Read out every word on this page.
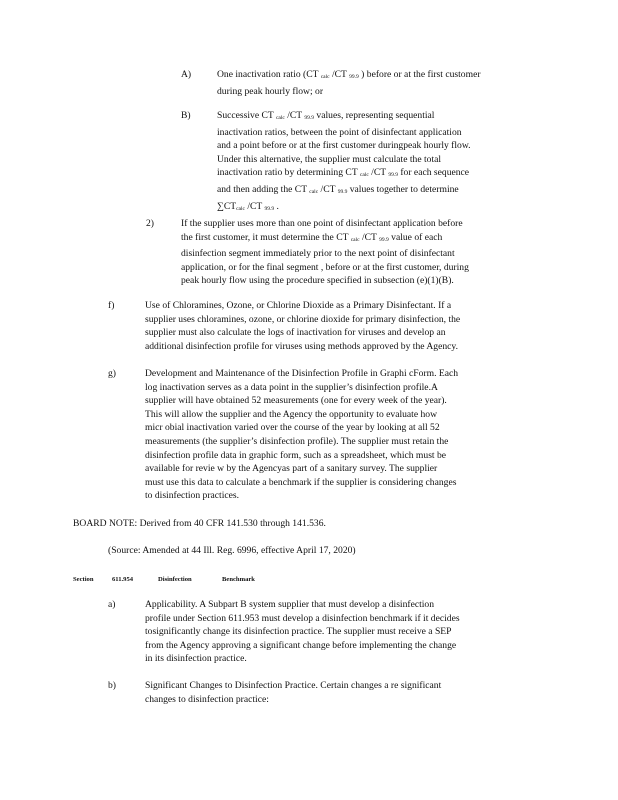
A)	One inactivation ratio (CT $_{calc}$ /CT $_{99.9}$ ) before or at the first customer
during peak hourly flow; or
B)	Successive CT $_{calc}$ /CT $_{99.9}$ values, representing sequential
inactivation ratios, between the point of disinfectant application
and a point before or at the first customer duringpeak hourly flow.
Under this alternative, the supplier must calculate the total
inactivation ratio by determining CT $_{calc}$ /CT $_{99.9}$ for each sequence
and then adding the CT $_{calc}$ /CT $_{99.9}$ values together to determine
$\sum CT_{calc}$ /CT $_{99.9}$ .
2)	If the supplier uses more than one point of disinfectant application before
the first customer, it must determine the CT $_{calc}$ /CT $_{99.9}$ value of each
disinfection segment immediately prior to the next point of disinfectant
application, or for the final segment , before or at the first customer, during
peak hourly flow using the procedure specified in subsection (e)(1)(B).
f)	Use of Chloramines, Ozone, or Chlorine Dioxide as a Primary Disinfectant. If a
supplier uses chloramines, ozone, or chlorine dioxide for primary disinfection, the
supplier must also calculate the logs of inactivation for viruses and develop an
additional disinfection profile for viruses using methods approved by the Agency.
g)	Development and Maintenance of the Disinfection Profile in Graphi cForm. Each
log inactivation serves as a data point in the supplier’s disinfection profile.A
supplier will have obtained 52 measurements (one for every week of the year).
This will allow the supplier and the Agency the opportunity to evaluate how
micr obial inactivation varied over the course of the year by looking at all 52
measurements (the supplier’s disinfection profile). The supplier must retain the
disinfection profile data in graphic form, such as a spreadsheet, which must be
available for revie w by the Agencyas part of a sanitary survey. The supplier
must use this data to calculate a benchmark if the supplier is considering changes
to disinfection practices.
BOARD NOTE: Derived from 40 CFR 141.530 through 141.536.
(Source: Amended at 44 Ill. Reg. 6996, effective April 17, 2020)
Section	611.954	Disinfection	Benchmark
a)	Applicability. A Subpart B system supplier that must develop a disinfection
profile under Section 611.953 must develop a disinfection benchmark if it decides
tosignificantly change its disinfection practice. The supplier must receive a SEP
from the Agency approving a significant change before implementing the change
in its disinfection practice.
b)	Significant Changes to Disinfection Practice. Certain changes a re significant
changes to disinfection practice:
